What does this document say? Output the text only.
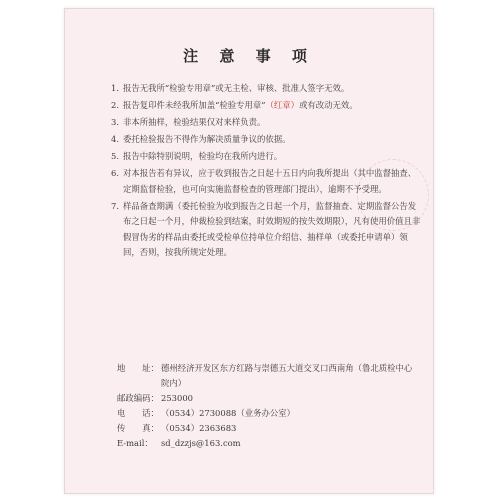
注 意 事 项
1. 报告无我所“检验专用章”或无主检、审核、批准人签字无效。
2. 报告复印件未经我所加盖“检验专用章”（红章）或有改动无效。
3. 非本所抽样，检验结果仅对来样负责。
4. 委托检验报告不得作为解决质量争议的依据。
5. 报告中除特别说明，检验均在我所内进行。
6. 对本报告若有异议，应于收到报告之日起十五日内向我所提出（其中监督抽查、定期监督检验，也可向实施监督检查的管理部门提出），逾期不予受理。
7. 样品备查期满（委托检验为收到报告之日起一个月，监督抽查、定期监督公告发布之日起一个月，仲裁检验到结案，时效期短的按失效期限），凡有使用价值且非假冒伪劣的样品由委托或受检单位持单位介绍信、抽样单（或委托申请单）领回，否则，按我所规定处理。
地　　址： 德州经济开发区东方红路与崇德五大道交叉口西南角（鲁北质检中心院内）
邮政编码： 253000
电　　话： （0534）2730088（业务办公室）
传　　真： （0534）2363683
E-mail： sd_dzzjs@163.com
